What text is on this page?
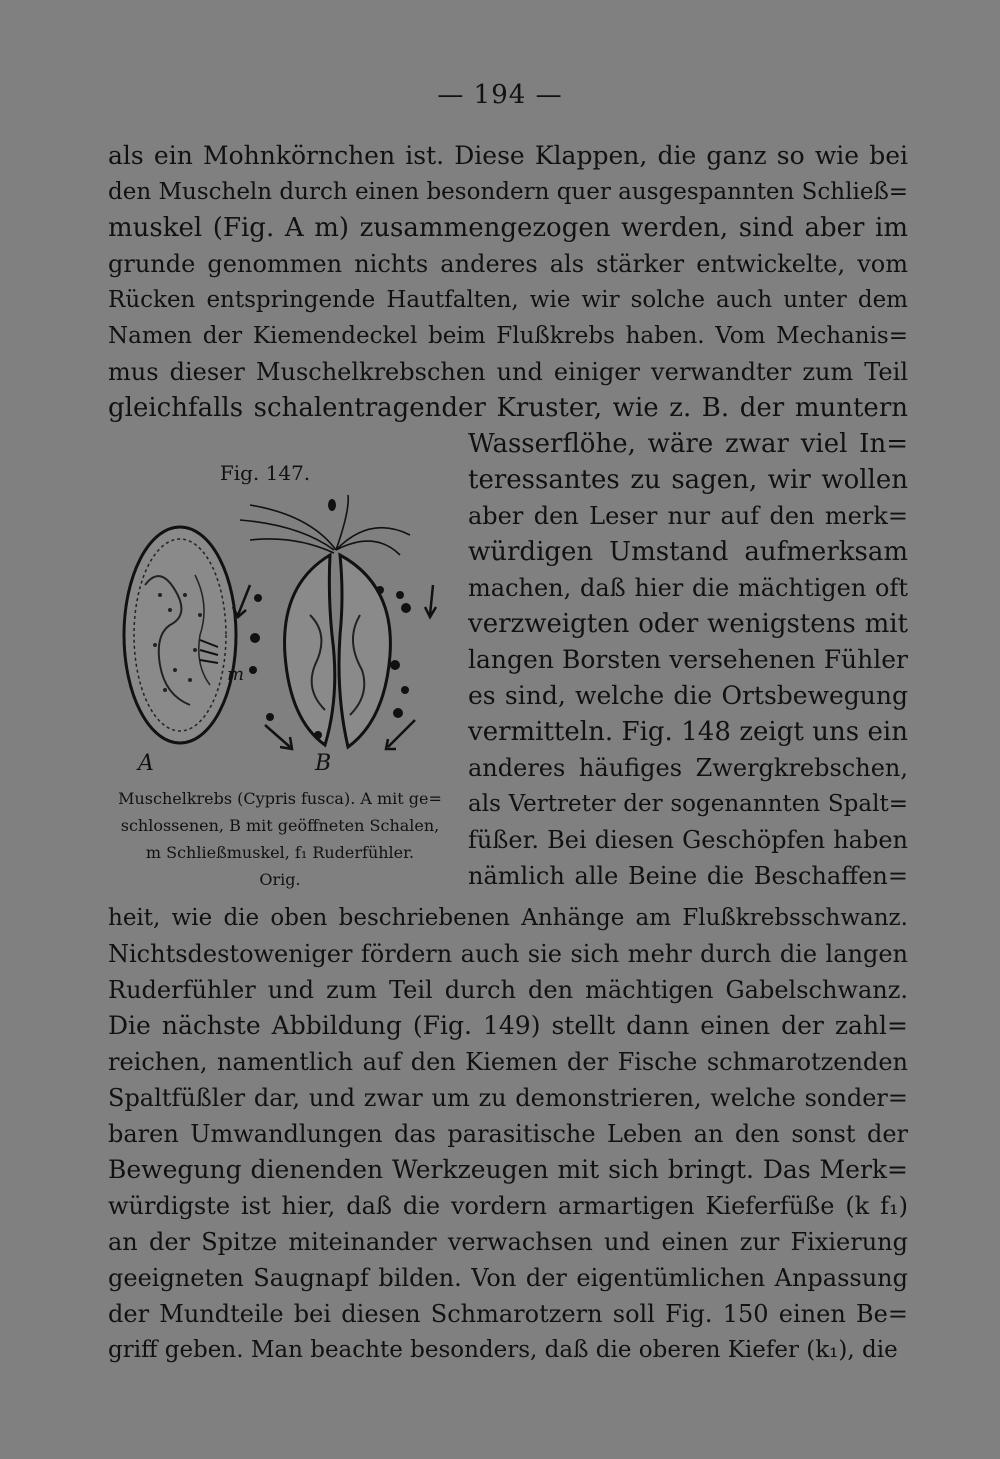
— 194 —
als ein Mohnkörnchen ist. Diese Klappen, die ganz so wie bei
den Muscheln durch einen besondern quer ausgespannten Schließ=
muskel (Fig. A m) zusammengezogen werden, sind aber im
grunde genommen nichts anderes als stärker entwickelte, vom
Rücken entspringende Hautfalten, wie wir solche auch unter dem
Namen der Kiemendeckel beim Flußkrebs haben. Vom Mechanis=
mus dieser Muschelkrebschen und einiger verwandter zum Teil
gleichfalls schalentragender Kruster, wie z. B. der muntern
Wasserflöhe, wäre zwar viel In=
teressantes zu sagen, wir wollen
aber den Leser nur auf den merk=
würdigen Umstand aufmerksam
machen, daß hier die mächtigen oft
verzweigten oder wenigstens mit
langen Borsten versehenen Fühler
es sind, welche die Ortsbewegung
vermitteln. Fig. 148 zeigt uns ein
anderes häufiges Zwergkrebschen,
als Vertreter der sogenannten Spalt=
füßer. Bei diesen Geschöpfen haben
nämlich alle Beine die Beschaffen=
Fig. 147.
m
A	B
Muschelkrebs (Cypris fusca). A mit ge=
schlossenen, B mit geöffneten Schalen,
m Schließmuskel, f₁ Ruderfühler.
Orig.
heit, wie die oben beschriebenen Anhänge am Flußkrebsschwanz.
Nichtsdestoweniger fördern auch sie sich mehr durch die langen
Ruderfühler und zum Teil durch den mächtigen Gabelschwanz.
Die nächste Abbildung (Fig. 149) stellt dann einen der zahl=
reichen, namentlich auf den Kiemen der Fische schmarotzenden
Spaltfüßler dar, und zwar um zu demonstrieren, welche sonder=
baren Umwandlungen das parasitische Leben an den sonst der
Bewegung dienenden Werkzeugen mit sich bringt. Das Merk=
würdigste ist hier, daß die vordern armartigen Kieferfüße (k f₁)
an der Spitze miteinander verwachsen und einen zur Fixierung
geeigneten Saugnapf bilden. Von der eigentümlichen Anpassung
der Mundteile bei diesen Schmarotzern soll Fig. 150 einen Be=
griff geben. Man beachte besonders, daß die oberen Kiefer (k₁), die
